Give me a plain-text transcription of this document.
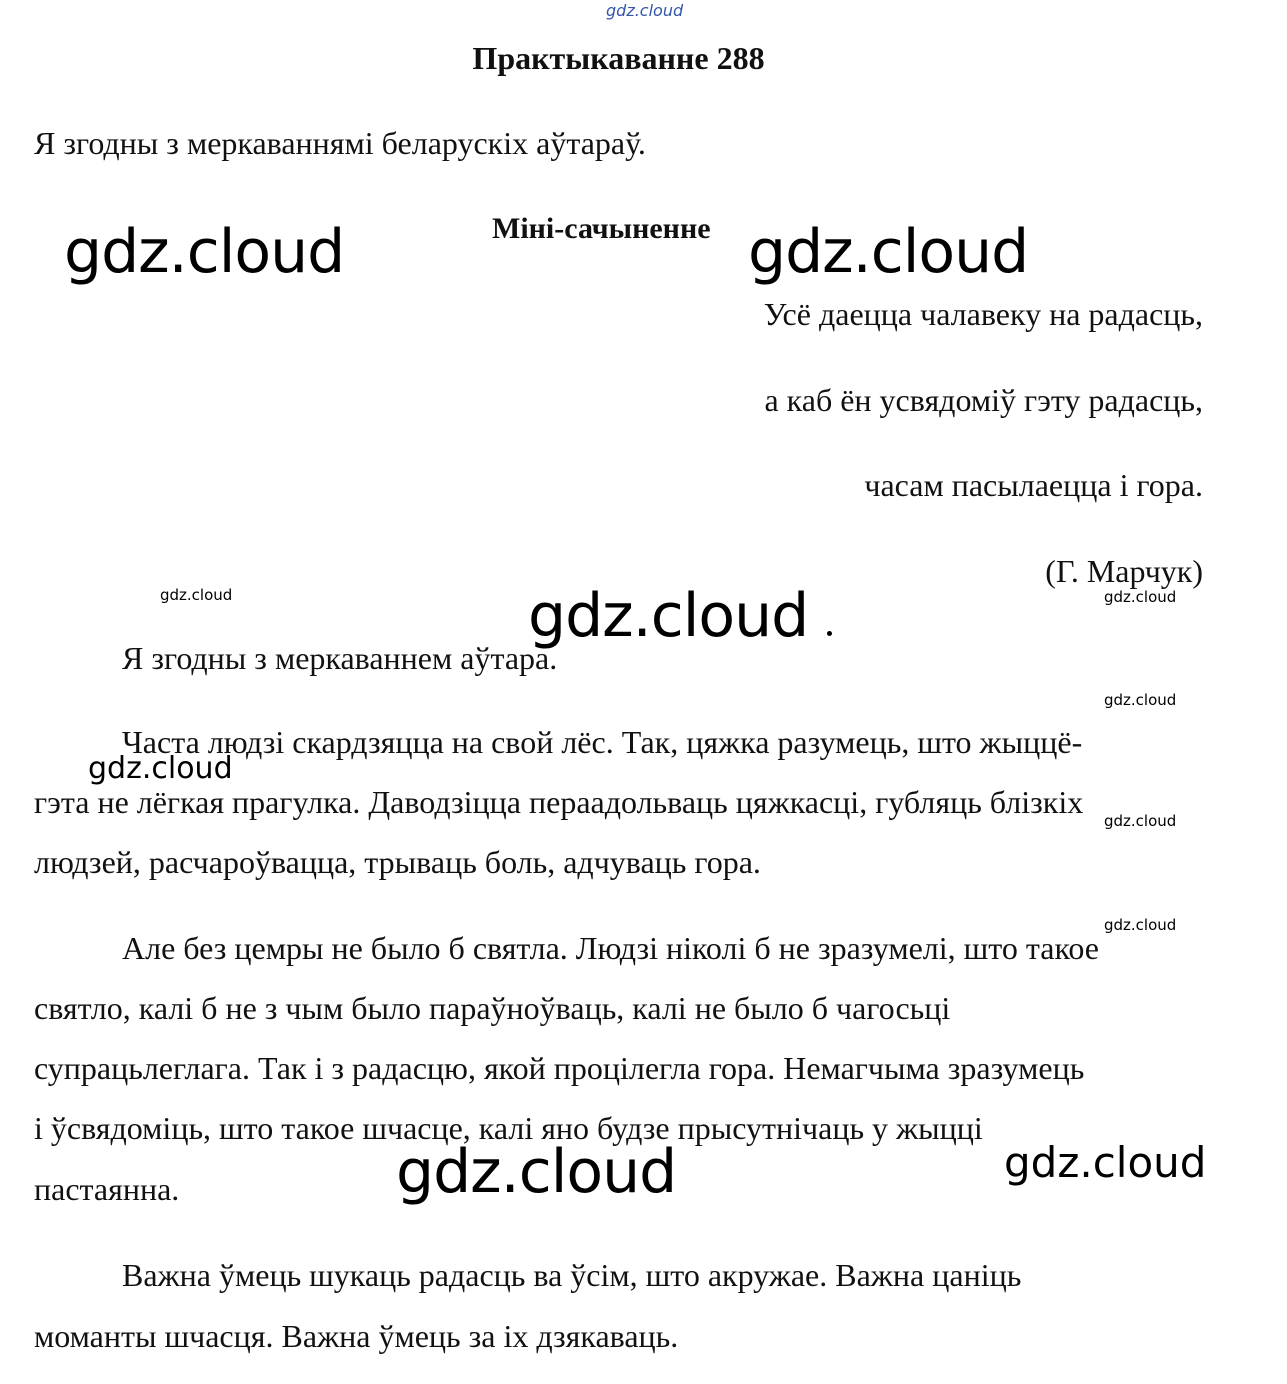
gdz.cloud
Практыкаванне 288
Я згодны з меркаваннямі беларускіх аўтараў.
Міні-сачыненне
gdz.cloud	gdz.cloud
Усё даецца чалавеку на радасць,
а каб ён усвядоміў гэту радасць,
часам пасылаецца і гора.
(Г. Марчук)
gdz.cloud	gdz.cloud
gdz.cloud
Я згодны з меркаваннем аўтара.
gdz.cloud
Часта людзі скардзяцца на свой лёс. Так, цяжка разумець, што жыццё-
gdz.cloud
гэта не лёгкая прагулка. Даводзіцца пераадольваць цяжкасці, губляць блізкіх
gdz.cloud
людзей, расчароўвацца, трываць боль, адчуваць гора.
gdz.cloud
Але без цемры не было б святла. Людзі ніколі б не зразумелі, што такое
святло, калі б не з чым было параўноўваць, калі не было б чагосьці
супрацьлеглага. Так і з радасцю, якой процілегла гора. Немагчыма зразумець
і ўсвядоміць, што такое шчасце, калі яно будзе прысутнічаць у жыцці
пастаянна.	gdz.cloud	gdz.cloud
Важна ўмець шукаць радасць ва ўсім, што акружае. Важна цаніць
моманты шчасця. Важна ўмець за іх дзякаваць.
